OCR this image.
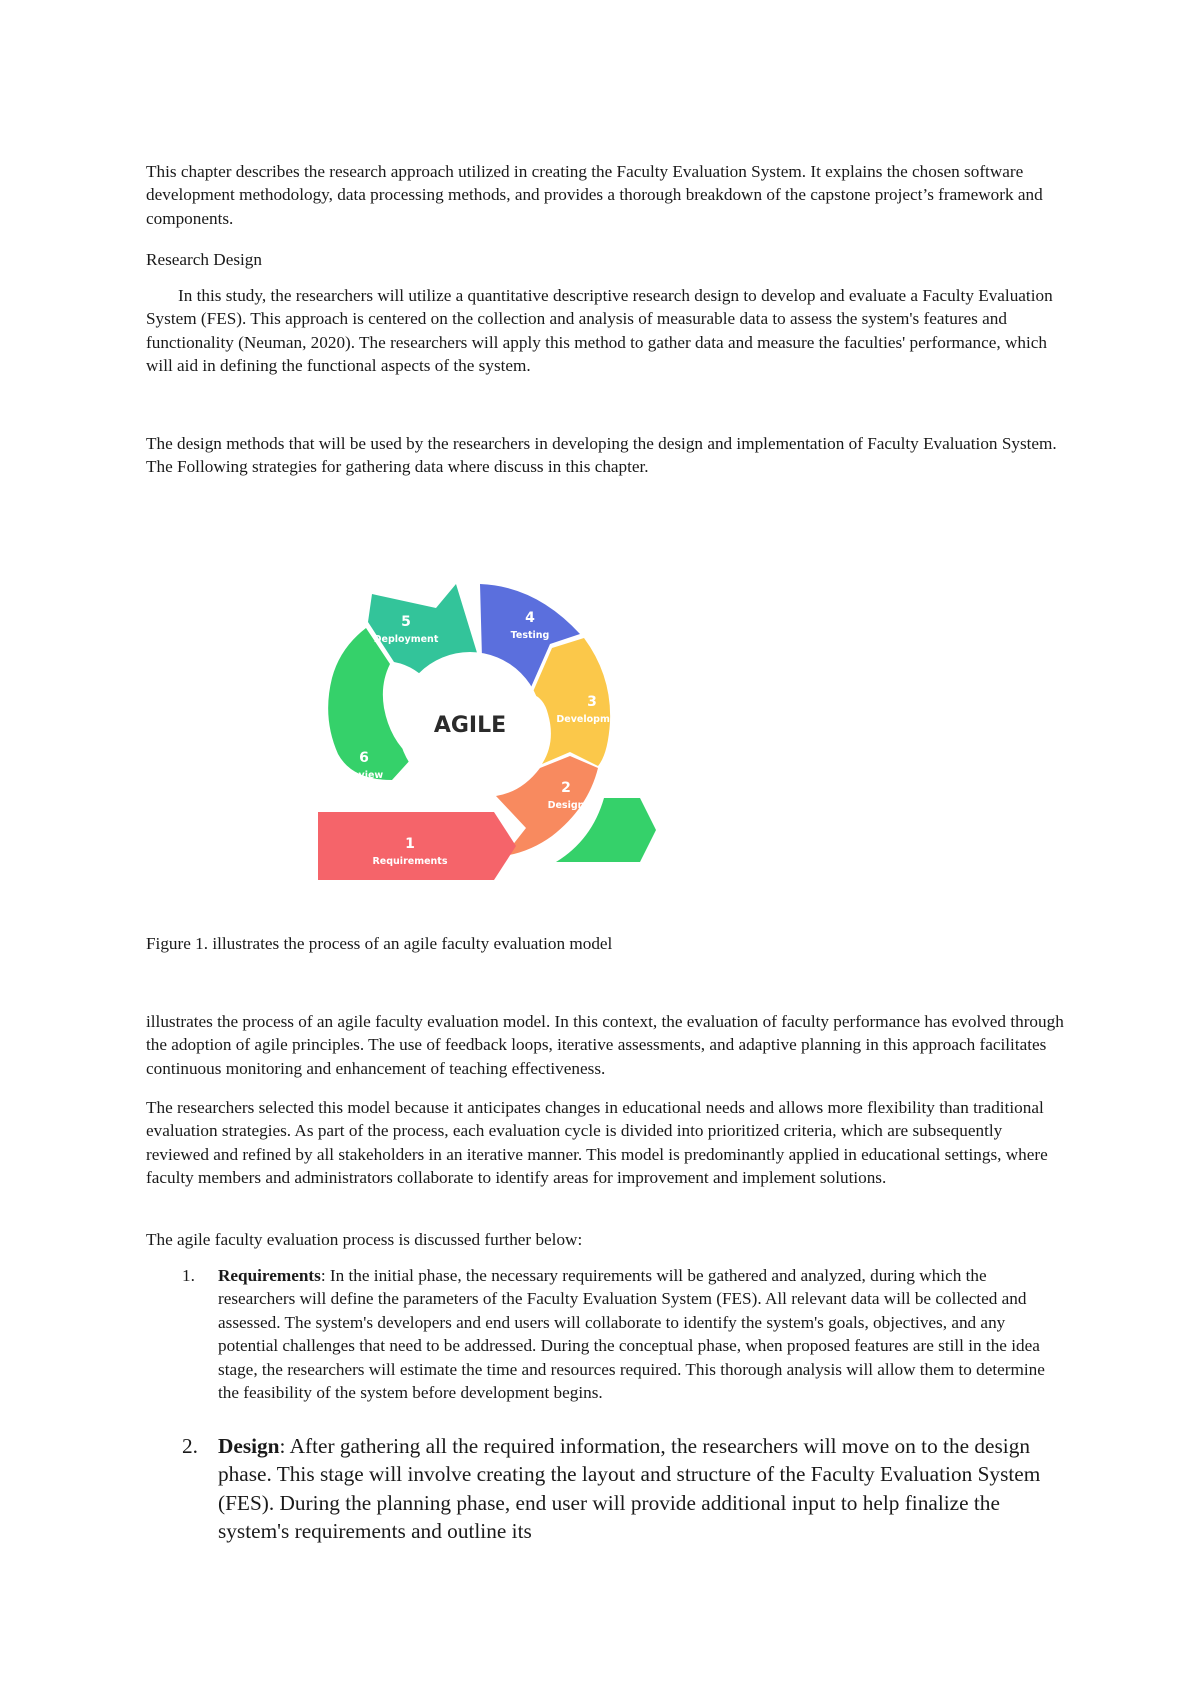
This chapter describes the research approach utilized in creating the Faculty Evaluation System. It explains the chosen software development methodology, data processing methods, and provides a thorough breakdown of the capstone project’s framework and components.

Research Design

In this study, the researchers will utilize a quantitative descriptive research design to develop and evaluate a Faculty Evaluation System (FES). This approach is centered on the collection and analysis of measurable data to assess the system's features and functionality (Neuman, 2020). The researchers will apply this method to gather data and measure the faculties' performance, which will aid in defining the functional aspects of the system.

The design methods that will be used by the researchers in developing the design and implementation of Faculty Evaluation System. The Following strategies for gathering data where discuss in this chapter.

AGILE
5
Deployment
4
Testing
3
Development
6
Review
2
Design
1
Requirements

Figure 1. illustrates the process of an agile faculty evaluation model

illustrates the process of an agile faculty evaluation model. In this context, the evaluation of faculty performance has evolved through the adoption of agile principles. The use of feedback loops, iterative assessments, and adaptive planning in this approach facilitates continuous monitoring and enhancement of teaching effectiveness.

The researchers selected this model because it anticipates changes in educational needs and allows more flexibility than traditional evaluation strategies. As part of the process, each evaluation cycle is divided into prioritized criteria, which are subsequently reviewed and refined by all stakeholders in an iterative manner. This model is predominantly applied in educational settings, where faculty members and administrators collaborate to identify areas for improvement and implement solutions.

The agile faculty evaluation process is discussed further below:

1.	Requirements: In the initial phase, the necessary requirements will be gathered and analyzed, during which the researchers will define the parameters of the Faculty Evaluation System (FES). All relevant data will be collected and assessed. The system's developers and end users will collaborate to identify the system's goals, objectives, and any potential challenges that need to be addressed. During the conceptual phase, when proposed features are still in the idea stage, the researchers will estimate the time and resources required. This thorough analysis will allow them to determine the feasibility of the system before development begins.
2. Design: After gathering all the required information, the researchers will move on to the design phase. This stage will involve creating the layout and structure of the Faculty Evaluation System (FES). During the planning phase, end user will provide additional input to help finalize the system's requirements and outline its
